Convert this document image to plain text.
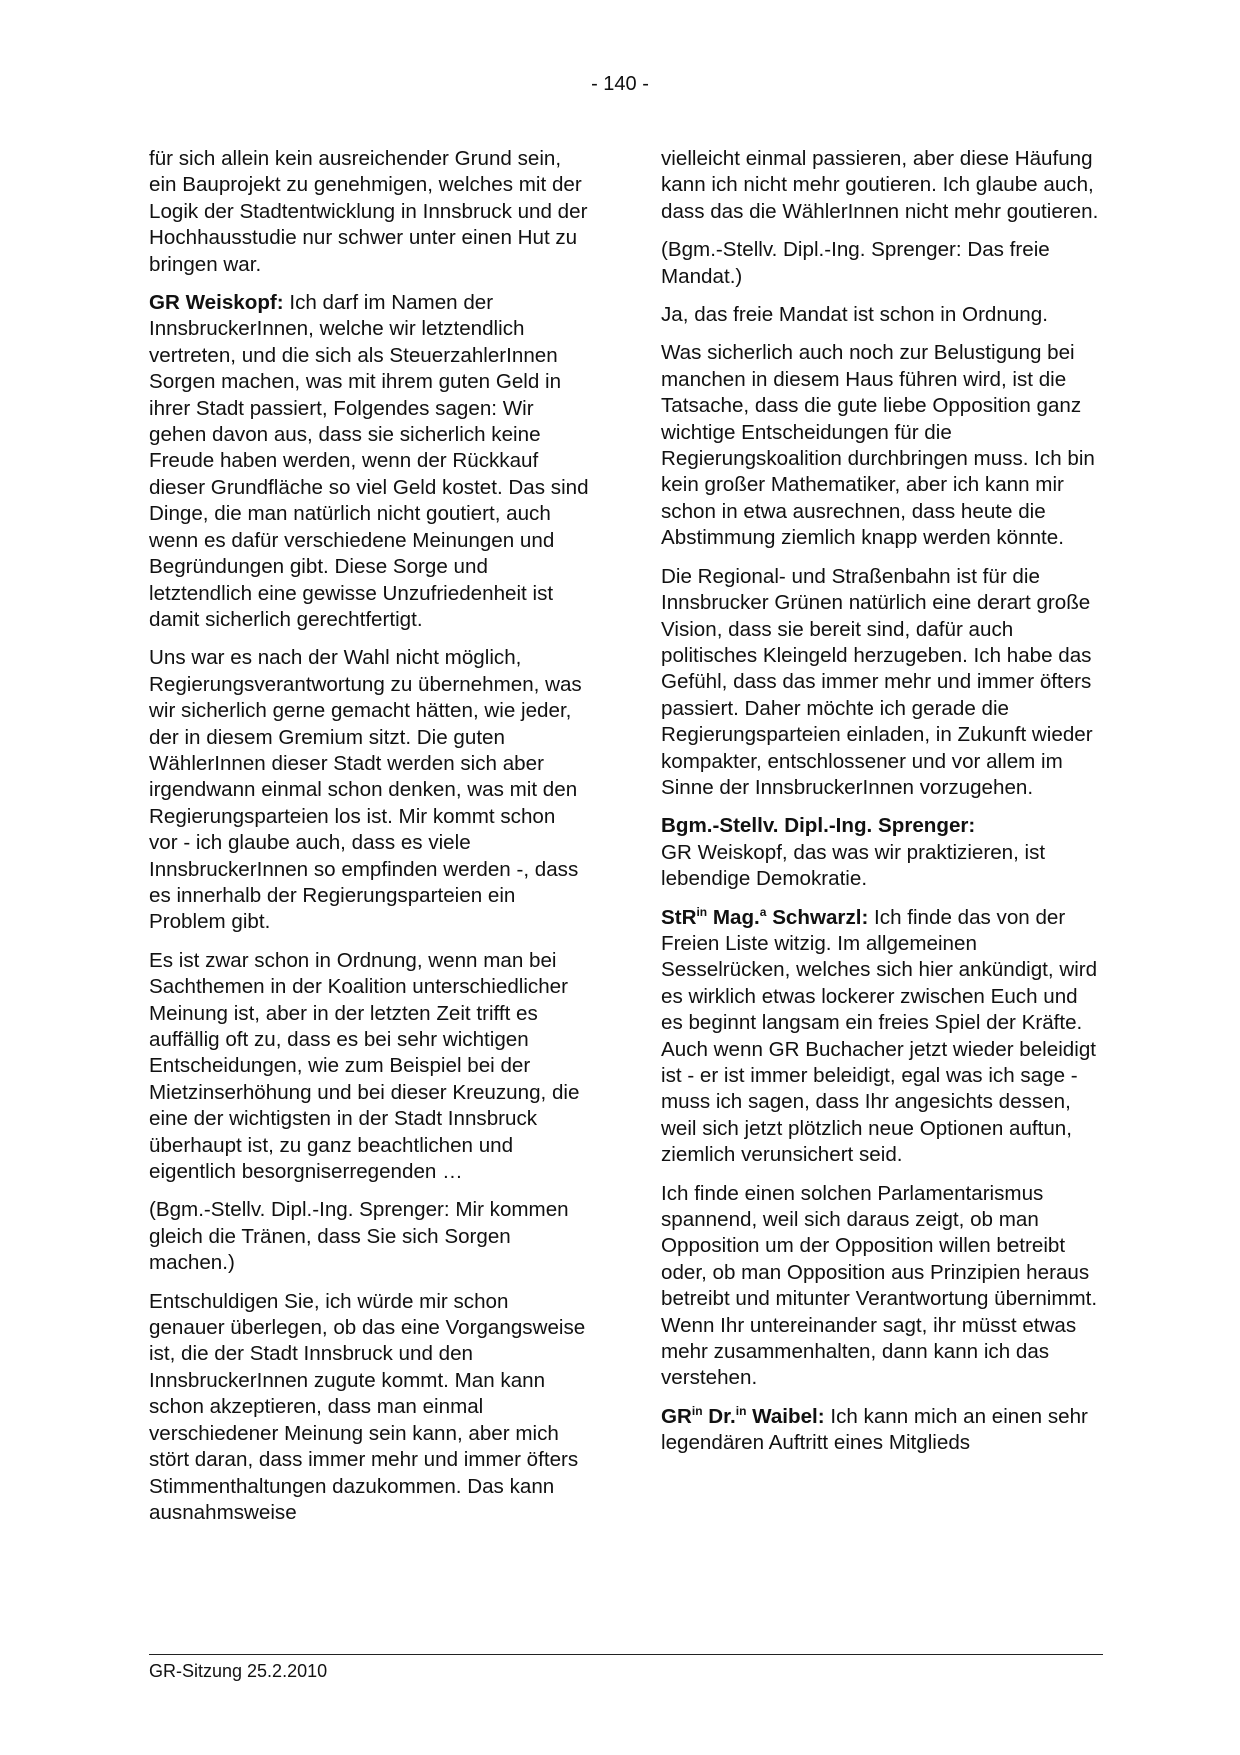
- 140 -

für sich allein kein ausreichender Grund sein, ein Bauprojekt zu genehmigen, welches mit der Logik der Stadtentwicklung in Innsbruck und der Hochhausstudie nur schwer unter einen Hut zu bringen war.

GR Weiskopf: Ich darf im Namen der InnsbruckerInnen, welche wir letztendlich vertreten, und die sich als SteuerzahlerInnen Sorgen machen, was mit ihrem guten Geld in ihrer Stadt passiert, Folgendes sagen: Wir gehen davon aus, dass sie sicherlich keine Freude haben werden, wenn der Rückkauf dieser Grundfläche so viel Geld kostet. Das sind Dinge, die man natürlich nicht goutiert, auch wenn es dafür verschiedene Meinungen und Begründungen gibt. Diese Sorge und letztendlich eine gewisse Unzufriedenheit ist damit sicherlich gerechtfertigt.

Uns war es nach der Wahl nicht möglich, Regierungsverantwortung zu übernehmen, was wir sicherlich gerne gemacht hätten, wie jeder, der in diesem Gremium sitzt. Die guten WählerInnen dieser Stadt werden sich aber irgendwann einmal schon denken, was mit den Regierungsparteien los ist. Mir kommt schon vor - ich glaube auch, dass es viele InnsbruckerInnen so empfinden werden -, dass es innerhalb der Regierungsparteien ein Problem gibt.

Es ist zwar schon in Ordnung, wenn man bei Sachthemen in der Koalition unterschiedlicher Meinung ist, aber in der letzten Zeit trifft es auffällig oft zu, dass es bei sehr wichtigen Entscheidungen, wie zum Beispiel bei der Mietzinserhöhung und bei dieser Kreuzung, die eine der wichtigsten in der Stadt Innsbruck überhaupt ist, zu ganz beachtlichen und eigentlich besorgniserregenden …

(Bgm.-Stellv. Dipl.-Ing. Sprenger: Mir kommen gleich die Tränen, dass Sie sich Sorgen machen.)

Entschuldigen Sie, ich würde mir schon genauer überlegen, ob das eine Vorgangsweise ist, die der Stadt Innsbruck und den InnsbruckerInnen zugute kommt. Man kann schon akzeptieren, dass man einmal verschiedener Meinung sein kann, aber mich stört daran, dass immer mehr und immer öfters Stimmenthaltungen dazukommen. Das kann ausnahmsweise

vielleicht einmal passieren, aber diese Häufung kann ich nicht mehr goutieren. Ich glaube auch, dass das die WählerInnen nicht mehr goutieren.

(Bgm.-Stellv. Dipl.-Ing. Sprenger: Das freie Mandat.)

Ja, das freie Mandat ist schon in Ordnung.

Was sicherlich auch noch zur Belustigung bei manchen in diesem Haus führen wird, ist die Tatsache, dass die gute liebe Opposition ganz wichtige Entscheidungen für die Regierungskoalition durchbringen muss. Ich bin kein großer Mathematiker, aber ich kann mir schon in etwa ausrechnen, dass heute die Abstimmung ziemlich knapp werden könnte.

Die Regional- und Straßenbahn ist für die Innsbrucker Grünen natürlich eine derart große Vision, dass sie bereit sind, dafür auch politisches Kleingeld herzugeben. Ich habe das Gefühl, dass das immer mehr und immer öfters passiert. Daher möchte ich gerade die Regierungsparteien einladen, in Zukunft wieder kompakter, entschlossener und vor allem im Sinne der InnsbruckerInnen vorzugehen.

Bgm.-Stellv. Dipl.-Ing. Sprenger:
GR Weiskopf, das was wir praktizieren, ist lebendige Demokratie.

StR$^{in}$ Mag.$^a$ Schwarzl: Ich finde das von der Freien Liste witzig. Im allgemeinen Sesselrücken, welches sich hier ankündigt, wird es wirklich etwas lockerer zwischen Euch und es beginnt langsam ein freies Spiel der Kräfte. Auch wenn GR Buchacher jetzt wieder beleidigt ist - er ist immer beleidigt, egal was ich sage - muss ich sagen, dass Ihr angesichts dessen, weil sich jetzt plötzlich neue Optionen auftun, ziemlich verunsichert seid.

Ich finde einen solchen Parlamentarismus spannend, weil sich daraus zeigt, ob man Opposition um der Opposition willen betreibt oder, ob man Opposition aus Prinzipien heraus betreibt und mitunter Verantwortung übernimmt. Wenn Ihr untereinander sagt, ihr müsst etwas mehr zusammenhalten, dann kann ich das verstehen.

$GR^{in}$ Dr.$^{in}$ Waibel: Ich kann mich an einen sehr legendären Auftritt eines Mitglieds

GR-Sitzung 25.2.2010
